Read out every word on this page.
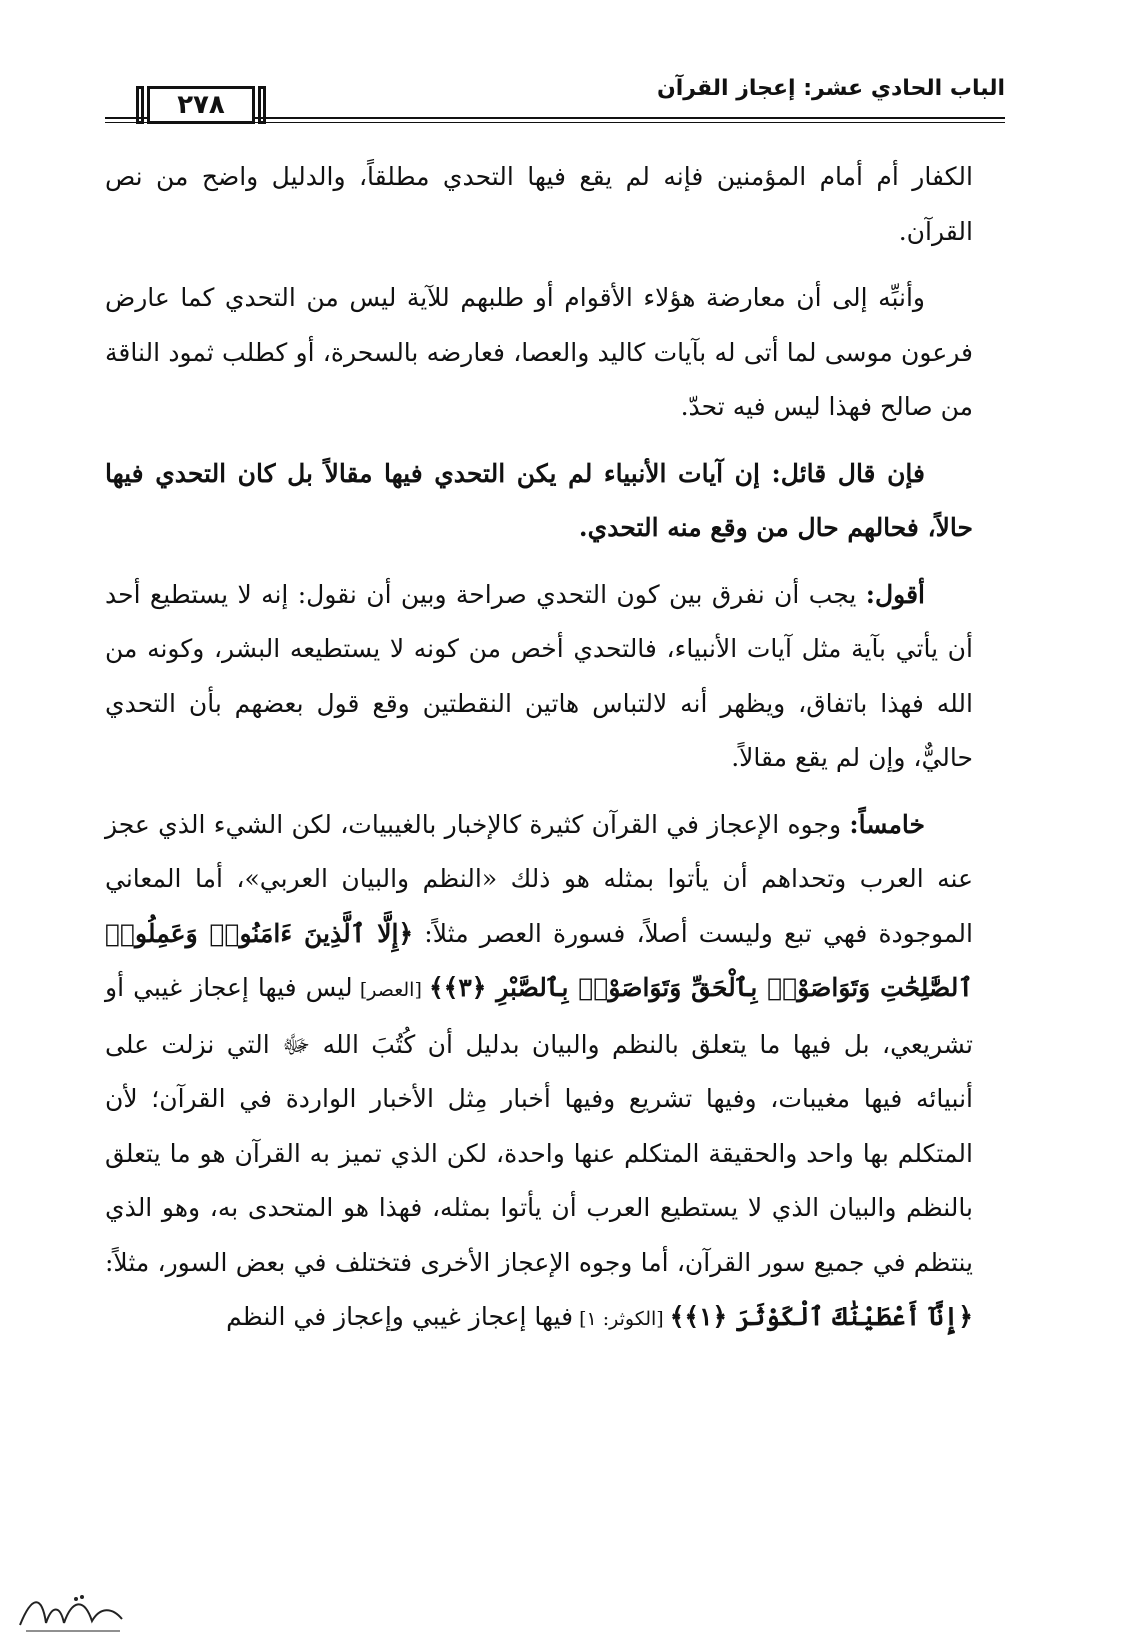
٢٧٨
الباب الحادي عشر: إعجاز القرآن

الكفار أم أمام المؤمنين فإنه لم يقع فيها التحدي مطلقاً، والدليل واضح من نص القرآن.

وأنبِّه إلى أن معارضة هؤلاء الأقوام أو طلبهم للآية ليس من التحدي كما عارض فرعون موسى لما أتى له بآيات كاليد والعصا، فعارضه بالسحرة، أو كطلب ثمود الناقة من صالح فهذا ليس فيه تحدّ.

فإن قال قائل: إن آيات الأنبياء لم يكن التحدي فيها مقالاً بل كان التحدي فيها حالاً، فحالهم حال من وقع منه التحدي.

أقول: يجب أن نفرق بين كون التحدي صراحة وبين أن نقول: إنه لا يستطيع أحد أن يأتي بآية مثل آيات الأنبياء، فالتحدي أخص من كونه لا يستطيعه البشر، وكونه من الله فهذا باتفاق، ويظهر أنه لالتباس هاتين النقطتين وقع قول بعضهم بأن التحدي حاليٌّ، وإن لم يقع مقالاً.

خامساً: وجوه الإعجاز في القرآن كثيرة كالإخبار بالغيبيات، لكن الشيء الذي عجز عنه العرب وتحداهم أن يأتوا بمثله هو ذلك «النظم والبيان العربي»، أما المعاني الموجودة فهي تبع وليست أصلاً، فسورة العصر مثلاً: ﴿إِلَّا ٱلَّذِينَ ءَامَنُوا۟ وَعَمِلُوا۟ ٱلصَّٰلِحَٰتِ وَتَوَاصَوْا۟ بِٱلْحَقِّ وَتَوَاصَوْا۟ بِٱلصَّبْرِ ﴿٣﴾﴾ [العصر] ليس فيها إعجاز غيبي أو تشريعي، بل فيها ما يتعلق بالنظم والبيان بدليل أن كُتُبَ الله ﷻ التي نزلت على أنبيائه فيها مغيبات، وفيها تشريع وفيها أخبار مِثل الأخبار الواردة في القرآن؛ لأن المتكلم بها واحد والحقيقة المتكلم عنها واحدة، لكن الذي تميز به القرآن هو ما يتعلق بالنظم والبيان الذي لا يستطيع العرب أن يأتوا بمثله، فهذا هو المتحدى به، وهو الذي ينتظم في جميع سور القرآن، أما وجوه الإعجاز الأخرى فتختلف في بعض السور، مثلاً: ﴿إِنَّآ أَعْطَيْنَٰكَ ٱلْكَوْثَرَ ﴿١﴾﴾ [الكوثر: ١] فيها إعجاز غيبي وإعجاز في النظم
